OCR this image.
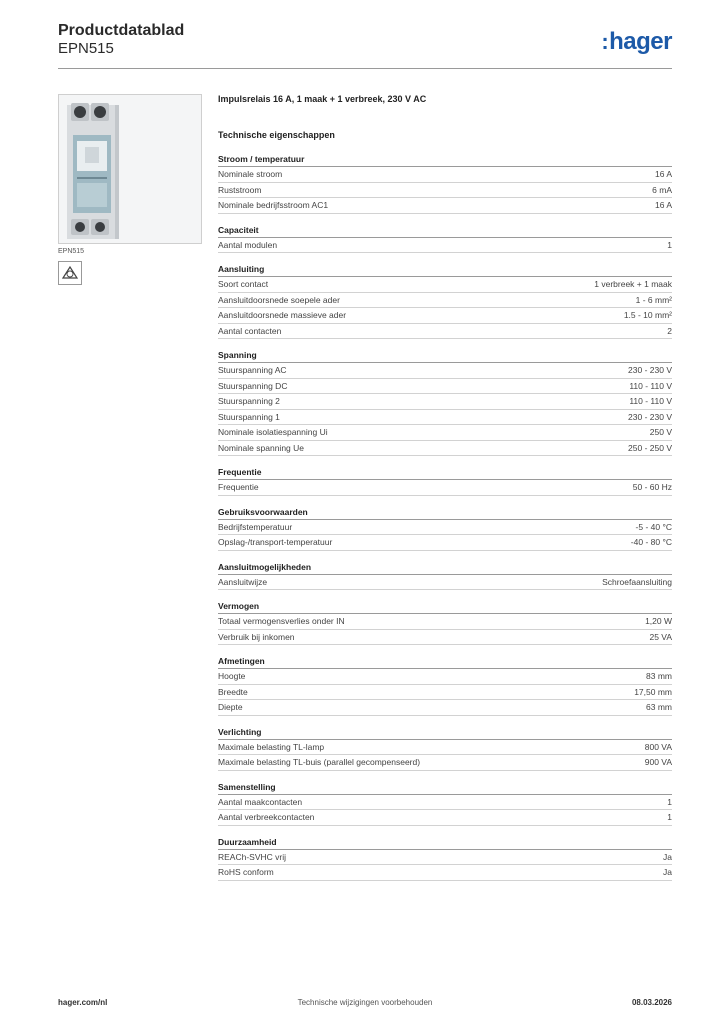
Productdatablad
EPN515	:hager
EPN515
Impulsrelais 16 A, 1 maak + 1 verbreek, 230 V AC
Technische eigenschappen
Stroom / temperatuur
Nominale stroom	16 A
Ruststroom	6 mA
Nominale bedrijfsstroom AC1	16 A
Capaciteit
Aantal modulen	1
Aansluiting
Soort contact	1 verbreek + 1 maak
Aansluitdoorsnede soepele ader	1 - 6 mm²
Aansluitdoorsnede massieve ader	1.5 - 10 mm²
Aantal contacten	2
Spanning
Stuurspanning AC	230 - 230 V
Stuurspanning DC	110 - 110 V
Stuurspanning 2	110 - 110 V
Stuurspanning 1	230 - 230 V
Nominale isolatiespanning Ui	250 V
Nominale spanning Ue	250 - 250 V
Frequentie
Frequentie	50 - 60 Hz
Gebruiksvoorwaarden
Bedrijfstemperatuur	-5 - 40 °C
Opslag-/transport-temperatuur	-40 - 80 °C
Aansluitmogelijkheden
Aansluitwijze	Schroefaansluiting
Vermogen
Totaal vermogensverlies onder IN	1,20 W
Verbruik bij inkomen	25 VA
Afmetingen
Hoogte	83 mm
Breedte	17,50 mm
Diepte	63 mm
Verlichting
Maximale belasting TL-lamp	800 VA
Maximale belasting TL-buis (parallel gecompenseerd)	900 VA
Samenstelling
Aantal maakcontacten	1
Aantal verbreekcontacten	1
Duurzaamheid
REACh-SVHC vrij	Ja
RoHS conform	Ja
hager.com/nl	Technische wijzigingen voorbehouden	08.03.2026
